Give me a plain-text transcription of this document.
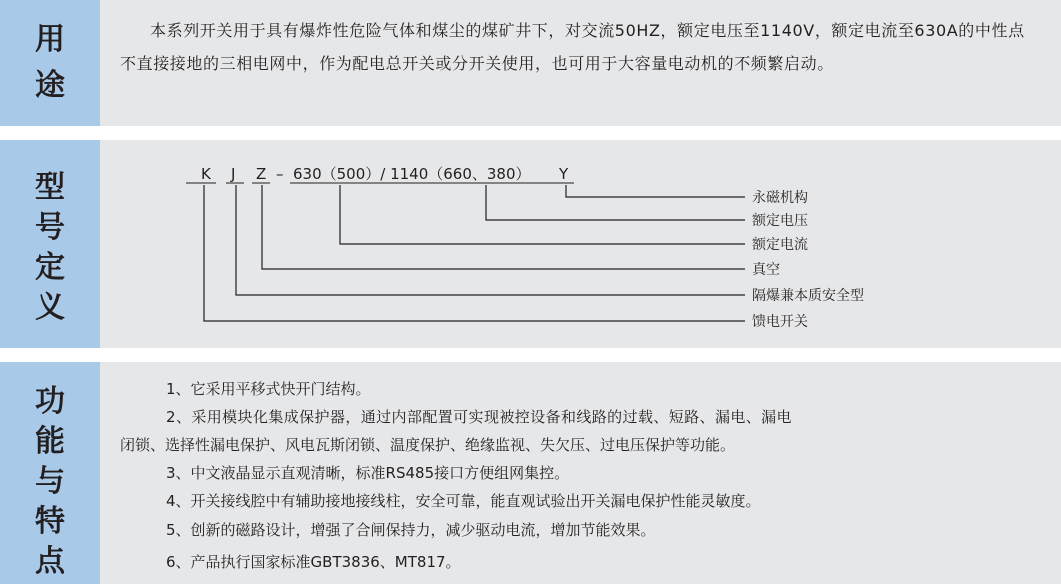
用
途
本系列开关用于具有爆炸性危险气体和煤尘的煤矿井下，对交流50HZ，额定电压至1140V，额定电流至630A的中性点不直接接地的三相电网中，作为配电总开关或分开关使用，也可用于大容量电动机的不频繁启动。
型
号
定
义
K J Z – 630（500）/ 1140（660、380） Y
永磁机构
额定电压
额定电流
真空
隔爆兼本质安全型
馈电开关
功
能
与
特
点
1、它采用平移式快开门结构。
2、采用模块化集成保护器，通过内部配置可实现被控设备和线路的过载、短路、漏电、漏电
闭锁、选择性漏电保护、风电瓦斯闭锁、温度保护、绝缘监视、失欠压、过电压保护等功能。
3、中文液晶显示直观清晰，标准RS485接口方便组网集控。
4、开关接线腔中有辅助接地接线柱，安全可靠，能直观试验出开关漏电保护性能灵敏度。
5、创新的磁路设计，增强了合闸保持力，减少驱动电流，增加节能效果。
6、产品执行国家标准GBT3836、MT817。
